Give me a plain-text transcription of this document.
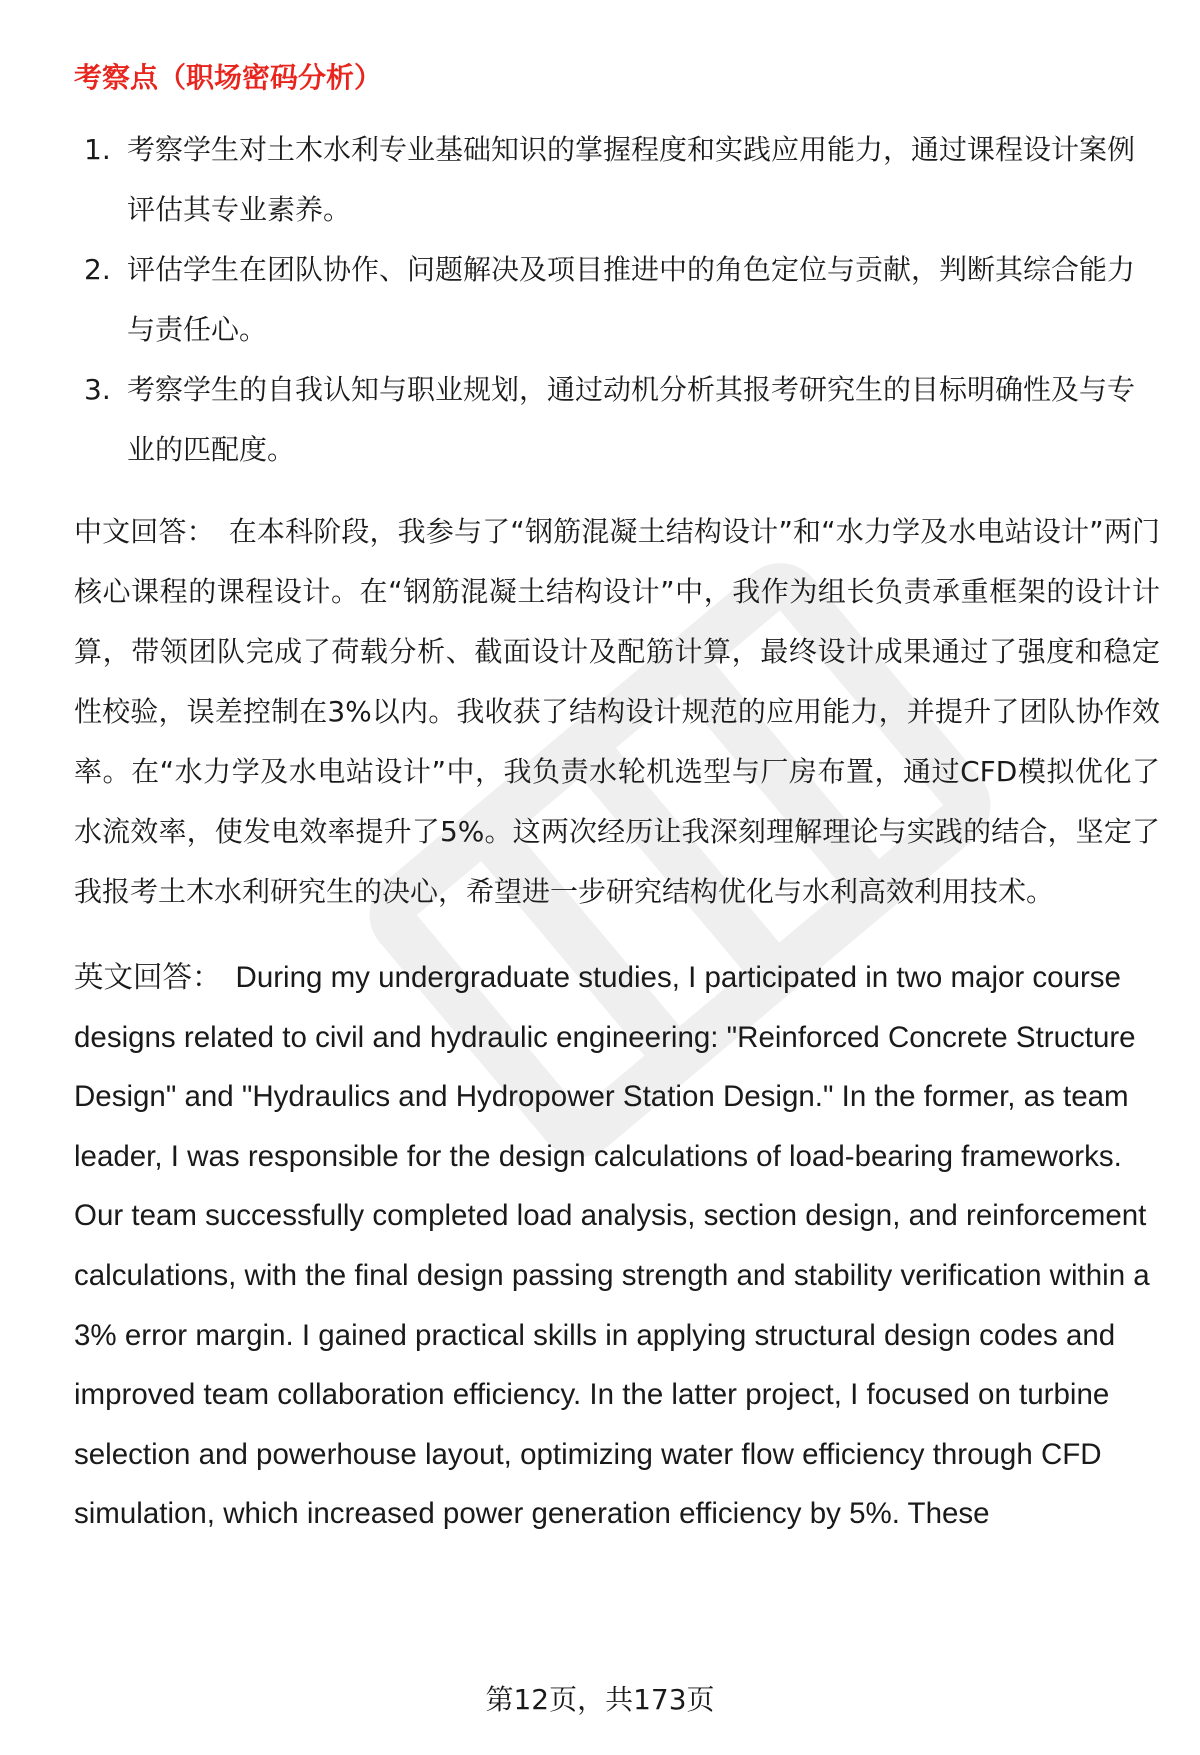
考察点（职场密码分析）
1. 考察学生对土木水利专业基础知识的掌握程度和实践应用能力，通过课程设计案例评估其专业素养。
2. 评估学生在团队协作、问题解决及项目推进中的角色定位与贡献，判断其综合能力与责任心。
3. 考察学生的自我认知与职业规划，通过动机分析其报考研究生的目标明确性及与专业的匹配度。

中文回答： 在本科阶段，我参与了“钢筋混凝土结构设计”和“水力学及水电站设计”两门核心课程的课程设计。在“钢筋混凝土结构设计”中，我作为组长负责承重框架的设计计算，带领团队完成了荷载分析、截面设计及配筋计算，最终设计成果通过了强度和稳定性校验，误差控制在3%以内。我收获了结构设计规范的应用能力，并提升了团队协作效率。在“水力学及水电站设计”中，我负责水轮机选型与厂房布置，通过CFD模拟优化了水流效率，使发电效率提升了5%。这两次经历让我深刻理解理论与实践的结合，坚定了我报考土木水利研究生的决心，希望进一步研究结构优化与水利高效利用技术。

英文回答： During my undergraduate studies, I participated in two major course designs related to civil and hydraulic engineering: "Reinforced Concrete Structure Design" and "Hydraulics and Hydropower Station Design." In the former, as team leader, I was responsible for the design calculations of load-bearing frameworks. Our team successfully completed load analysis, section design, and reinforcement calculations, with the final design passing strength and stability verification within a 3% error margin. I gained practical skills in applying structural design codes and improved team collaboration efficiency. In the latter project, I focused on turbine selection and powerhouse layout, optimizing water flow efficiency through CFD simulation, which increased power generation efficiency by 5%. These

第12页，共173页
